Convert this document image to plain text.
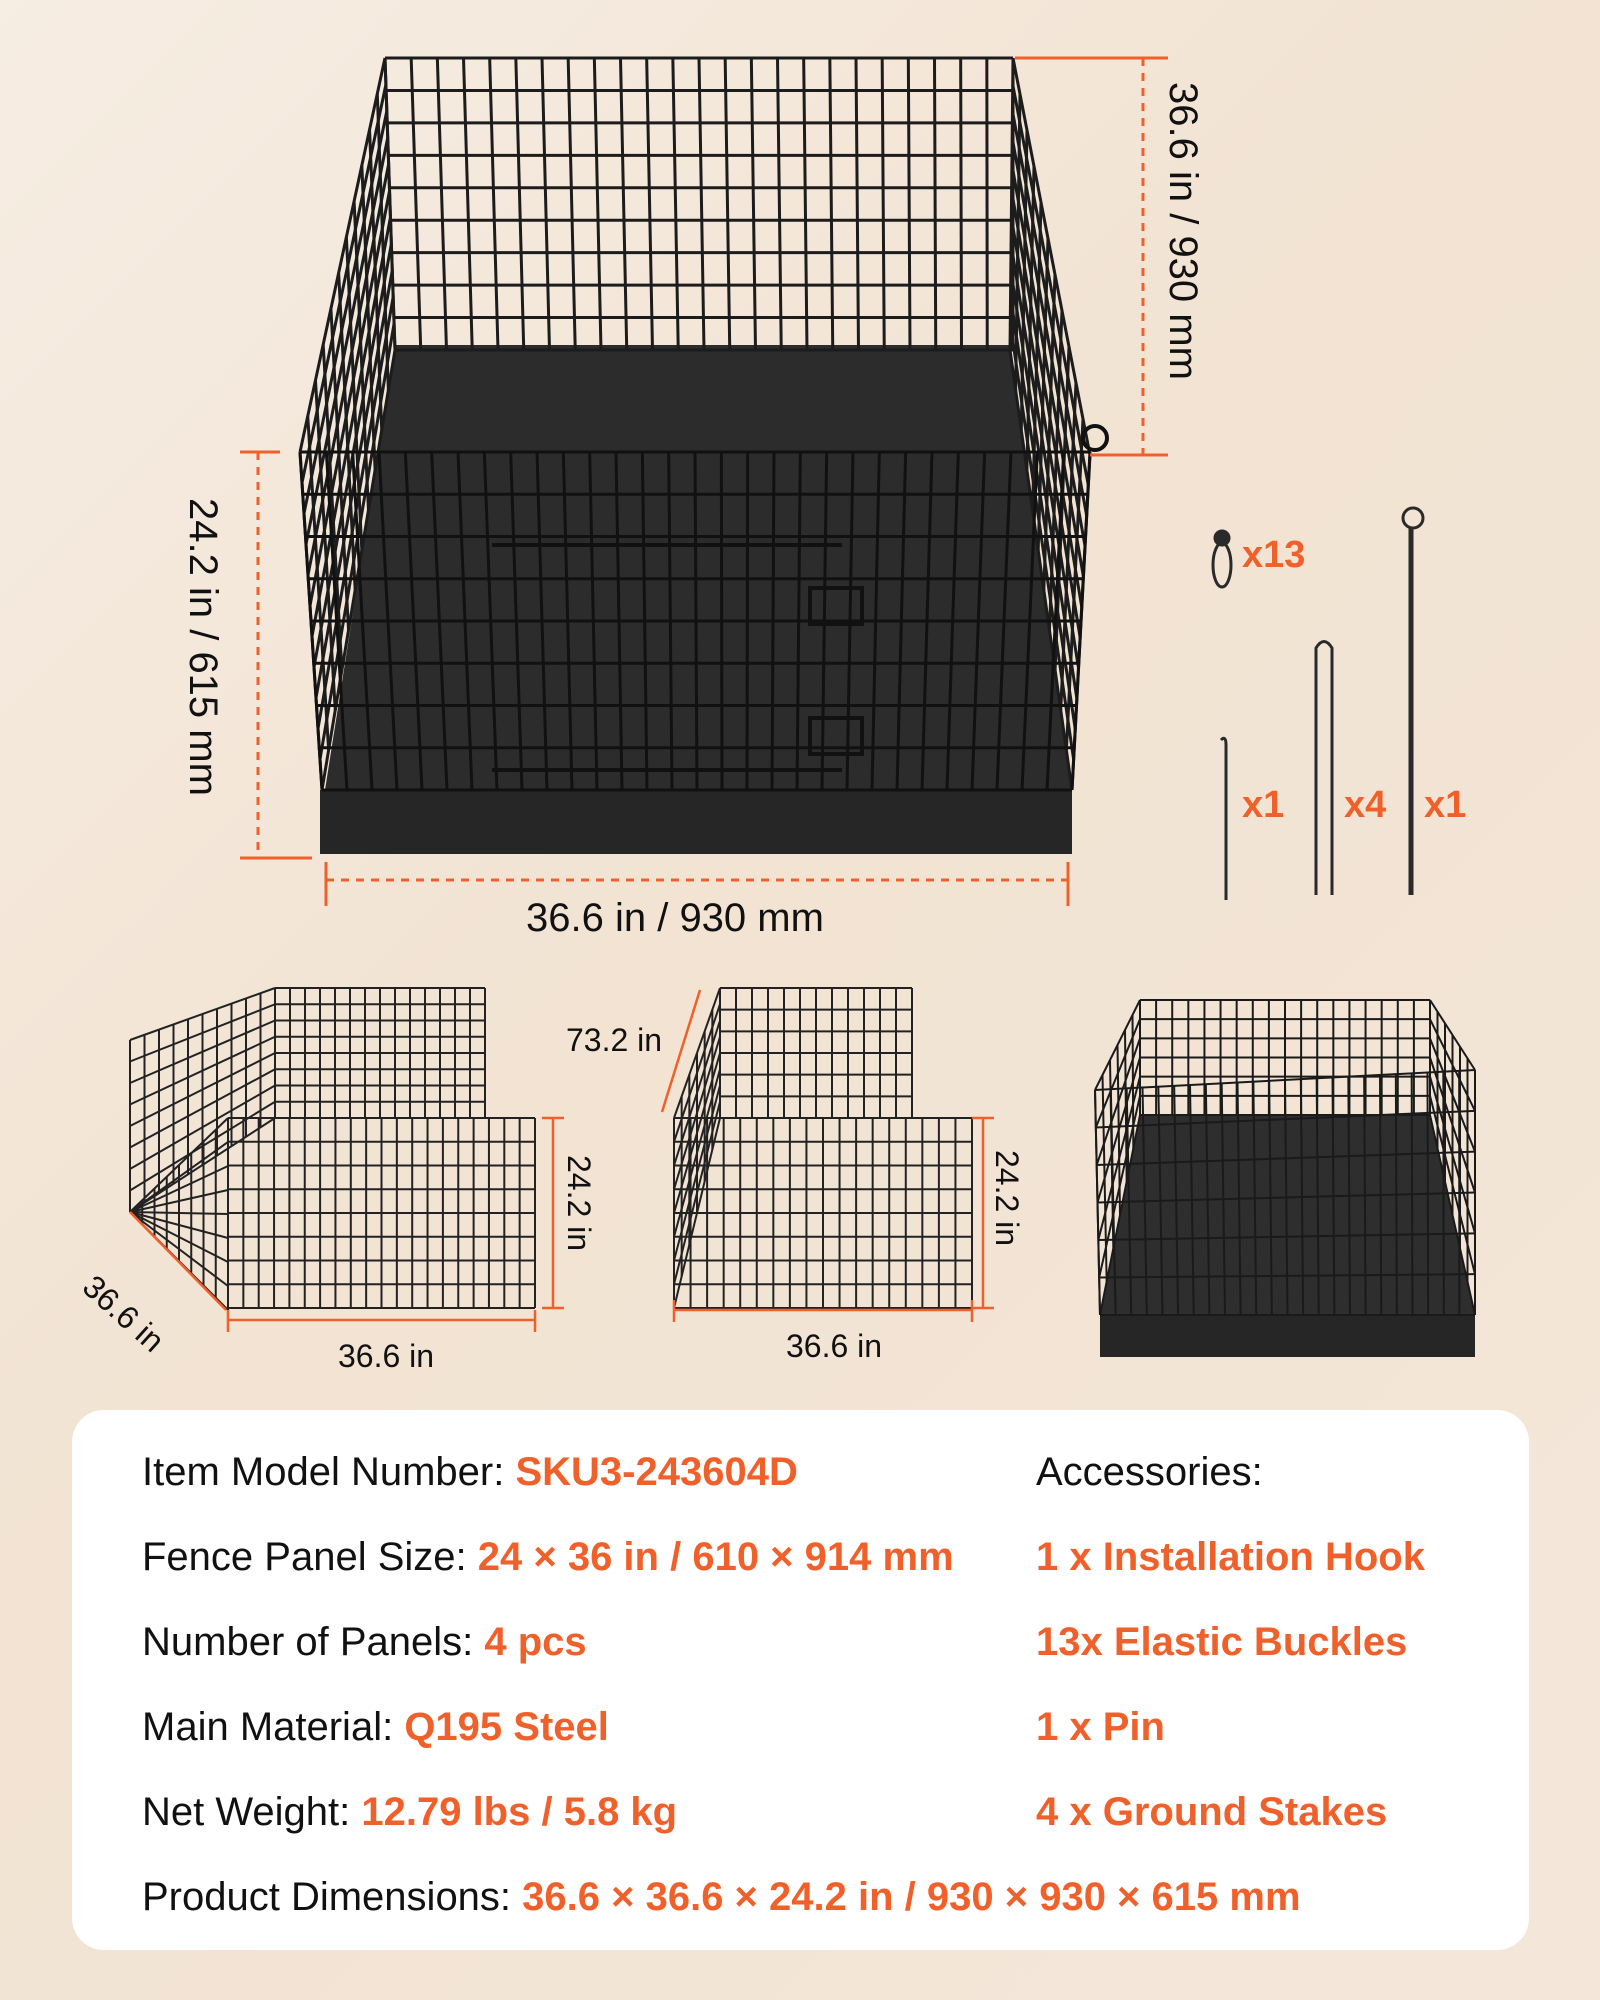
36.6 in / 930 mm
24.2 in / 615 mm
36.6 in / 930 mm
x13
x1 x4 x1
36.6 in
24.2 in
36.6 in
73.2 in
24.2 in
36.6 in
Item Model Number: SKU3-243604D
Fence Panel Size: 24 × 36 in / 610 × 914 mm
Number of Panels: 4 pcs
Main Material: Q195 Steel
Net Weight: 12.79 lbs / 5.8 kg
Product Dimensions: 36.6 × 36.6 × 24.2 in / 930 × 930 × 615 mm
Accessories:
1 x Installation Hook
13x Elastic Buckles
1 x Pin
4 x Ground Stakes
